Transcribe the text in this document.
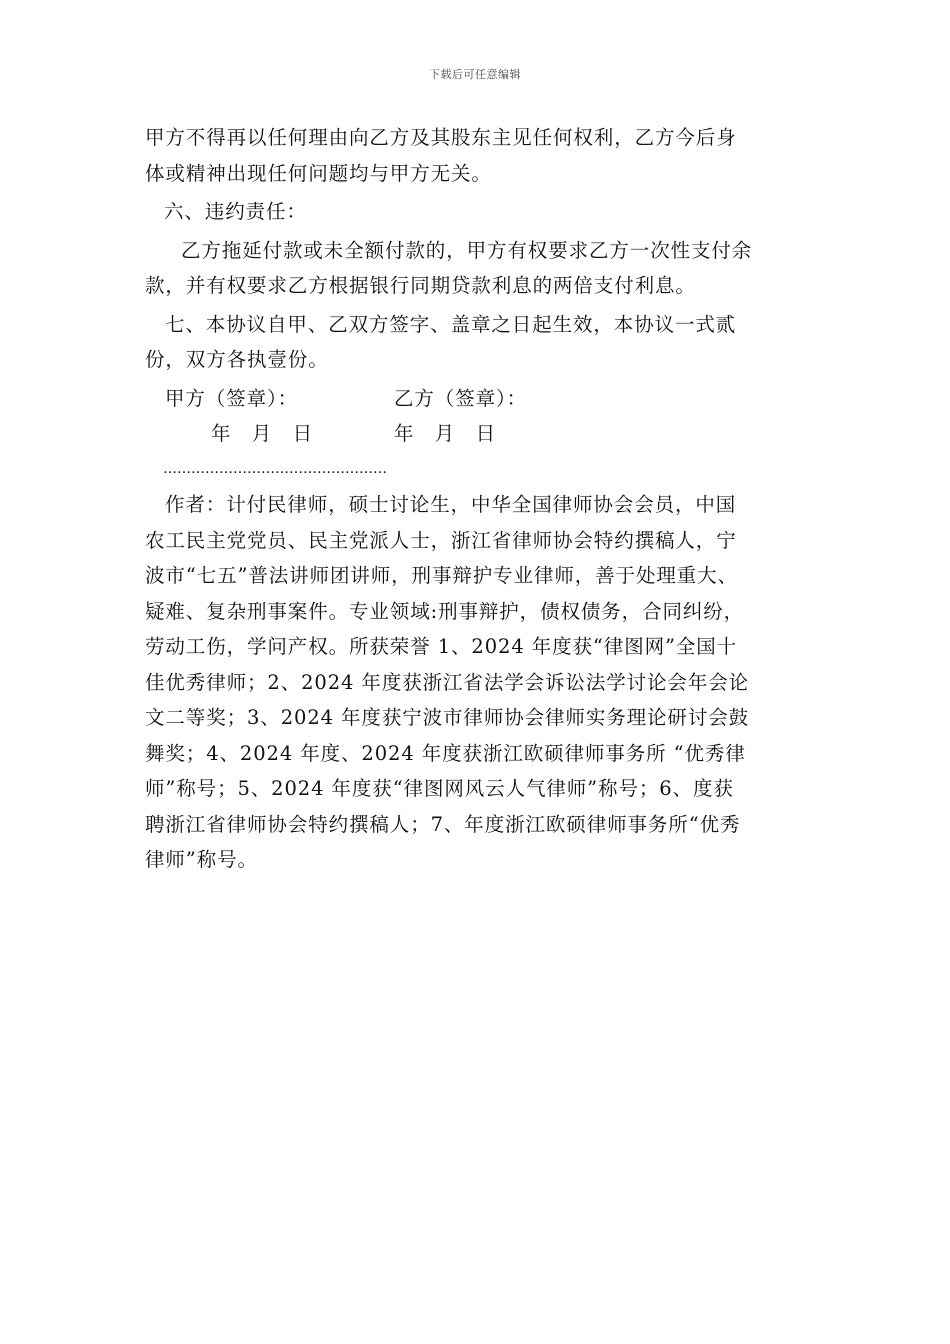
下载后可任意编辑
甲方不得再以任何理由向乙方及其股东主见任何权利，乙方今后身
体或精神出现任何问题均与甲方无关。
六、违约责任：
乙方拖延付款或未全额付款的，甲方有权要求乙方一次性支付余
款，并有权要求乙方根据银行同期贷款利息的两倍支付利息。
七、本协议自甲、乙双方签字、盖章之日起生效，本协议一式贰
份，双方各执壹份。
甲方（签章）：	乙方（签章）：
年　月　日	年　月　日
…………………………………………
作者：计付民律师，硕士讨论生，中华全国律师协会会员，中国
农工民主党党员、民主党派人士，浙江省律师协会特约撰稿人，宁
波市“七五”普法讲师团讲师，刑事辩护专业律师，善于处理重大、
疑难、复杂刑事案件。专业领域:刑事辩护，债权债务，合同纠纷，
劳动工伤，学问产权。所获荣誉 1、2024 年度获“律图网”全国十
佳优秀律师；2、2024 年度获浙江省法学会诉讼法学讨论会年会论
文二等奖；3、2024 年度获宁波市律师协会律师实务理论研讨会鼓
舞奖；4、2024 年度、2024 年度获浙江欧硕律师事务所 “优秀律
师”称号；5、2024 年度获“律图网风云人气律师”称号；6、度获
聘浙江省律师协会特约撰稿人；7、年度浙江欧硕律师事务所“优秀
律师”称号。
